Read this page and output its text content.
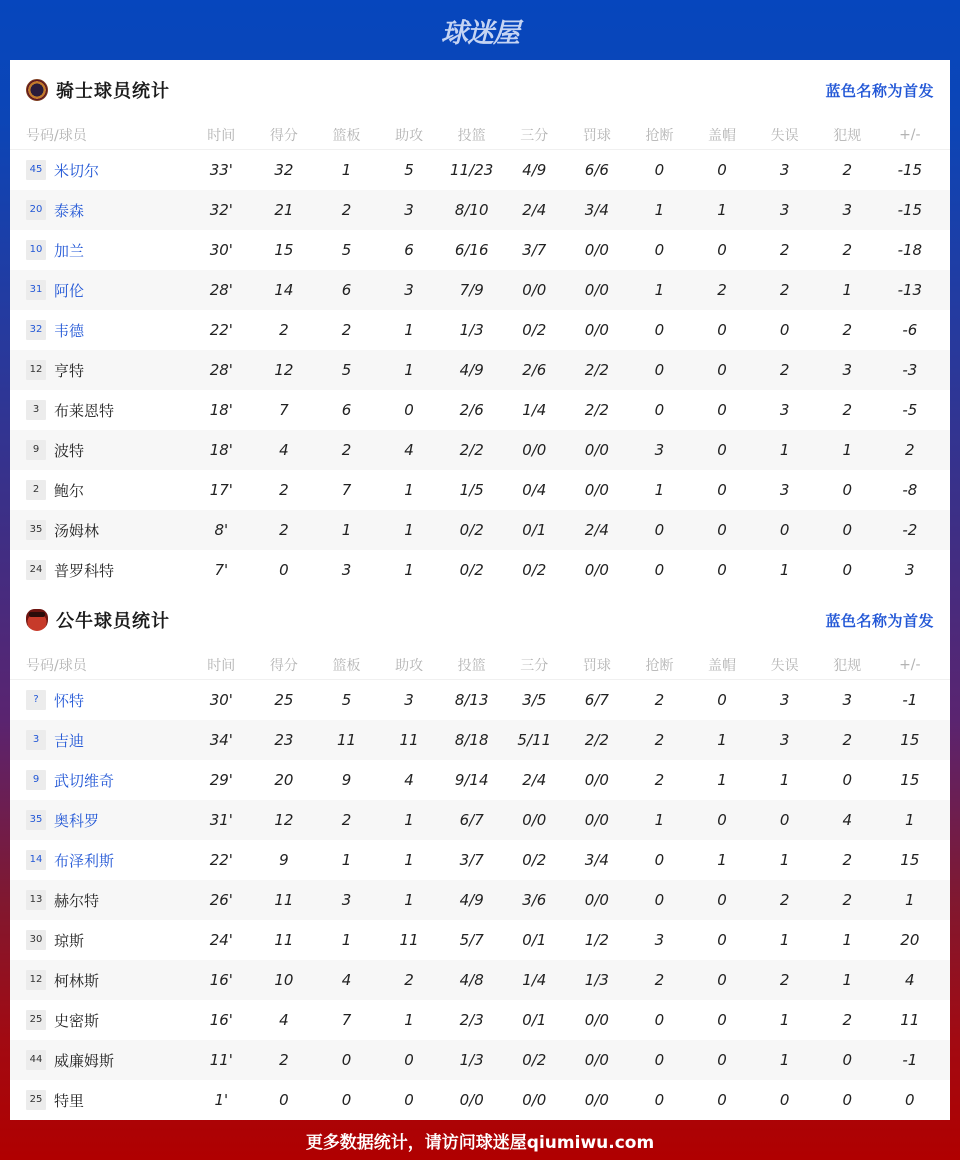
球迷屋
骑士球员统计	蓝色名称为首发
号码/球员	时间	得分	篮板	助攻	投篮	三分	罚球	抢断	盖帽	失误	犯规	+/-
45 米切尔	33'	32	1	5	11/23	4/9	6/6	0	0	3	2	-15
20 泰森	32'	21	2	3	8/10	2/4	3/4	1	1	3	3	-15
10 加兰	30'	15	5	6	6/16	3/7	0/0	0	0	2	2	-18
31 阿伦	28'	14	6	3	7/9	0/0	0/0	1	2	2	1	-13
32 韦德	22'	2	2	1	1/3	0/2	0/0	0	0	0	2	-6
12 亨特	28'	12	5	1	4/9	2/6	2/2	0	0	2	3	-3
3 布莱恩特	18'	7	6	0	2/6	1/4	2/2	0	0	3	2	-5
9 波特	18'	4	2	4	2/2	0/0	0/0	3	0	1	1	2
2 鲍尔	17'	2	7	1	1/5	0/4	0/0	1	0	3	0	-8
35 汤姆林	8'	2	1	1	0/2	0/1	2/4	0	0	0	0	-2
24 普罗科特	7'	0	3	1	0/2	0/2	0/0	0	0	1	0	3
公牛球员统计	蓝色名称为首发
号码/球员	时间	得分	篮板	助攻	投篮	三分	罚球	抢断	盖帽	失误	犯规	+/-
?	怀特	30'	25	5	3	8/13	3/5	6/7	2	0	3	3	-1
3 吉迪	34'	23	11	11	8/18	5/11	2/2	2	1	3	2	15
9 武切维奇	29'	20	9	4	9/14	2/4	0/0	2	1	1	0	15
35 奥科罗	31'	12	2	1	6/7	0/0	0/0	1	0	0	4	1
14 布泽利斯	22'	9	1	1	3/7	0/2	3/4	0	1	1	2	15
13 赫尔特	26'	11	3	1	4/9	3/6	0/0	0	0	2	2	1
30 琼斯	24'	11	1	11	5/7	0/1	1/2	3	0	1	1	20
12 柯林斯	16'	10	4	2	4/8	1/4	1/3	2	0	2	1	4
25 史密斯	16'	4	7	1	2/3	0/1	0/0	0	0	1	2	11
44 威廉姆斯	11'	2	0	0	1/3	0/2	0/0	0	0	1	0	-1
25 特里	1'	0	0	0	0/0	0/0	0/0	0	0	0	0	0
更多数据统计，请访问球迷屋qiumiwu.com
